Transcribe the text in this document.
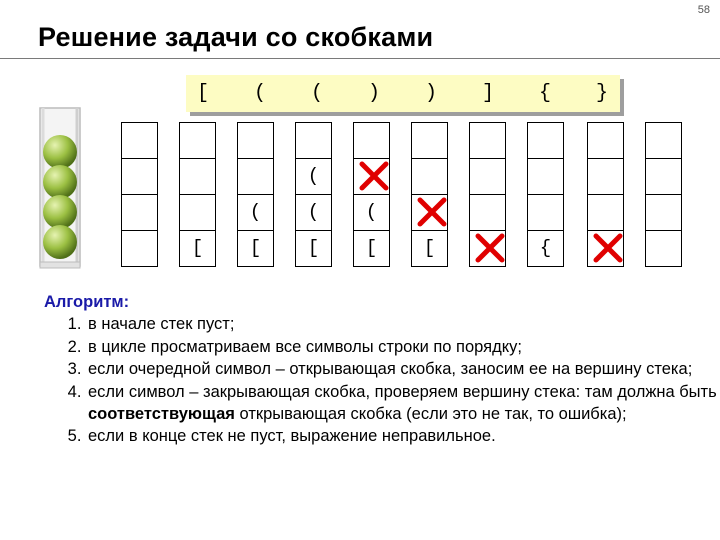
58
Решение задачи со скобками
[	(	(	)	)	]	{	}
[
(
[
(
(
[
(
[	[	{
Алгоритм:
1. в начале стек пуст;
2. в цикле просматриваем все символы строки по порядку;
3. если очередной символ – открывающая скобка, заносим ее на вершину стека;
4. если символ – закрывающая скобка, проверяем вершину стека: там должна быть соответствующая открывающая скобка (если это не так, то ошибка);
5. если в конце стек не пуст, выражение неправильное.
